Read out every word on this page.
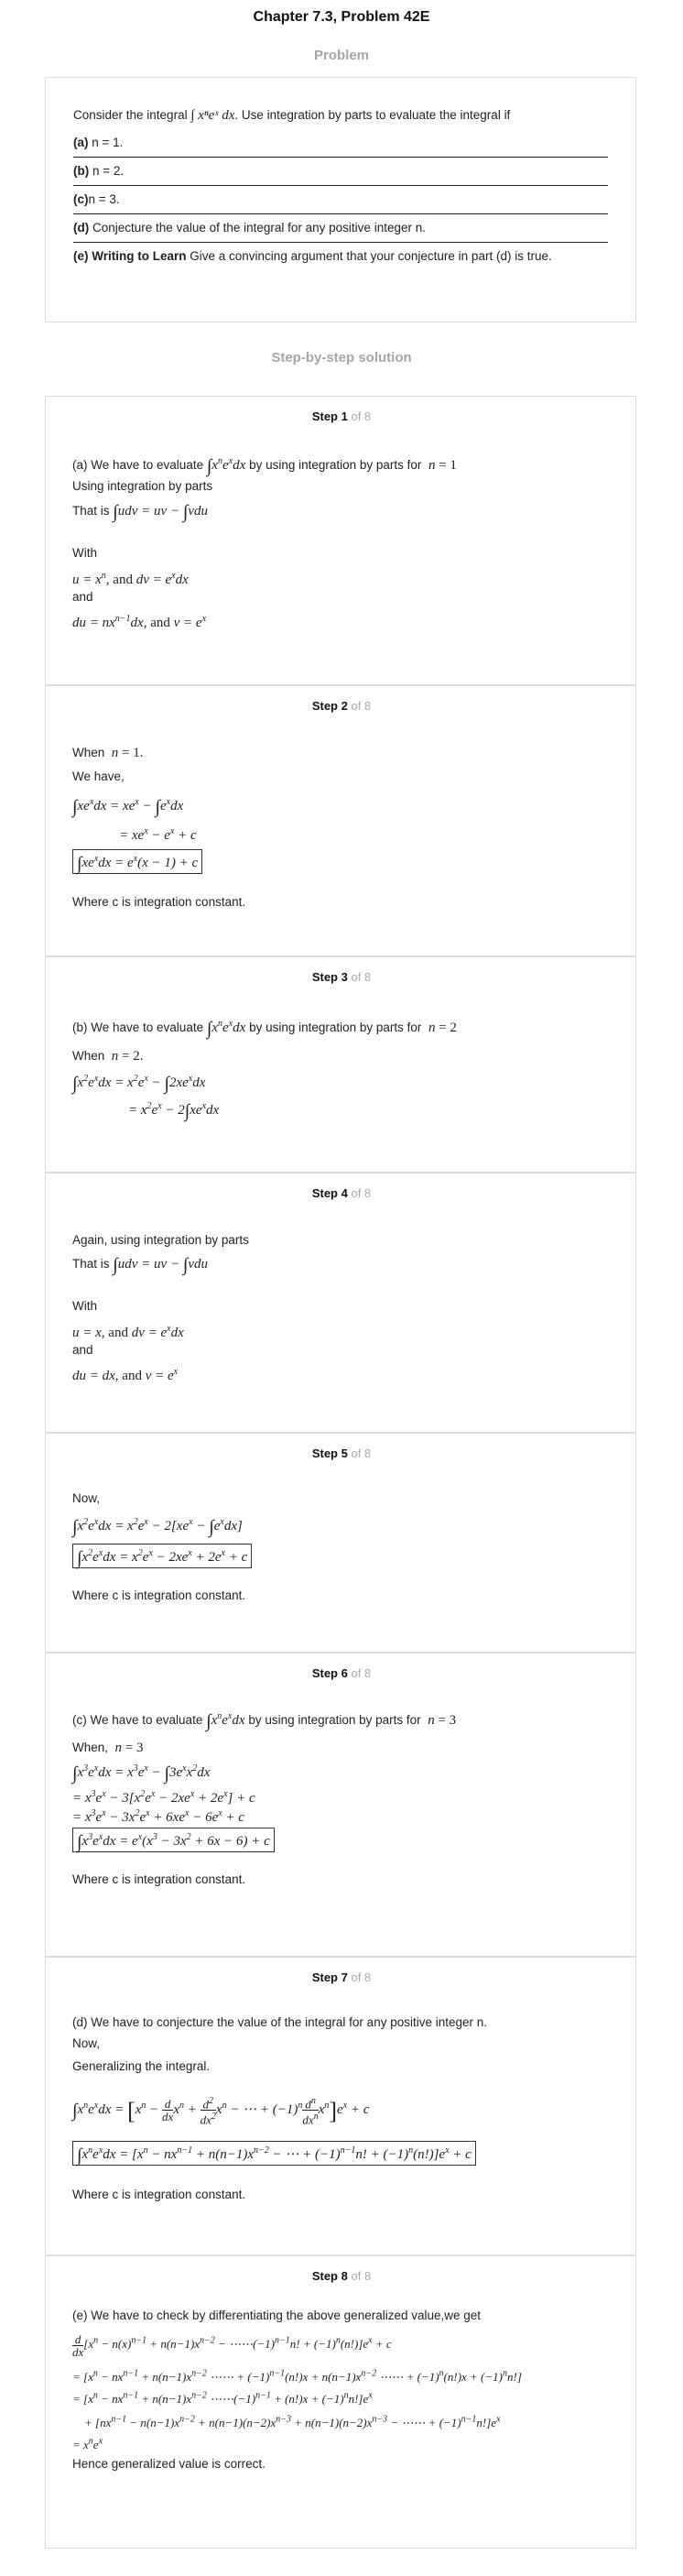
Chapter 7.3, Problem 42E
Problem
Consider the integral ∫ xⁿeˣ dx. Use integration by parts to evaluate the integral if
(a) n = 1.
(b) n = 2.
(c)n = 3.
(d) Conjecture the value of the integral for any positive integer n.
(e) Writing to Learn Give a convincing argument that your conjecture in part (d) is true.
Step-by-step solution
Step 1 of 8
(a) We have to evaluate $\int x^ne^xdx$ by using integration by parts for n = 1
Using integration by parts
That is ∫udv = uv − ∫vdu
With
$u = x^n$, and dv = $e^xdx$
and
du = $nx^{n-1}dx$, and $v = e^x$
Step 2 of 8
When n = 1.
We have,
$\int xe^xdx = xe^x - \int e^xdx$
= $xe^x - e^x + c$
$\int xe^xdx = e^x(x - 1) + c$
Where c is integration constant.
Step 3 of 8
(b) We have to evaluate $\int x^ne^xdx$ by using integration by parts for n = 2
When n = 2.
$\int x^2e^xdx = x^2e^x - \int 2xe^xdx$
= $x^2e^x - 2\int xe^xdx$
Step 4 of 8
Again, using integration by parts
That is ∫udv = uv − ∫vdu
With
u = x, and dv = $e^xdx$
and
du = dx, and $v = e^x$
Step 5 of 8
Now,
$\int x^2e^xdx = x^2e^x - 2[xe^x - \int e^xdx]$
$\int x^2e^xdx = x^2e^x - 2xe^x + 2e^x + c$
Where c is integration constant.
Step 6 of 8
(c) We have to evaluate $\int x^ne^xdx$ by using integration by parts for n = 3
When, n = 3
$\int x^3e^xdx = x^3e^x - \int 3e^xx^2dx$
= $x^3e^x - 3[x^2e^x - 2xe^x + 2e^x] + c$
= $x^3e^x - 3x^2e^x + 6xe^x - 6e^x + c$
$\int x^3e^xdx = e^x(x^3 - 3x^2 + 6x - 6) + c$
Where c is integration constant.
Step 7 of 8
(d) We have to conjecture the value of the integral for any positive integer n.
Now,
Generalizing the integral.
$\int x^ne^xdx = [x^n - \frac{d}{dx} x^n + \frac{d^2}{dx^2} x^n$ − ⋯ + $(-1)^n \frac{d^n}{dx^n} x^n]e^x + c$
$\int x^ne^xdx = [x^n - nx^{n-1} + n(n-1)x^{n-2}$ − ⋯ + $(-1)^{n-1}n$! + $(-1)^n(n!)]e^x + c$
Where c is integration constant.
Step 8 of 8
(e) We have to check by differentiating the above generalized value,we get
$\frac{d}{dx} [x^n - n(x)^{n-1} + n(n-1)x^{n-2}$ − $\cdots\cdots(-1)^{n-1}n$! + $(-1)^n(n!)]e^x + c$
= [$x^n - nx^{n-1} + n(n-1)x^{n-2}$ ⋯⋯ + $(-1)^{n-1}(n!)x + n(n-1)x^{n-2}$ ⋯⋯ + $(-1)^n(n!)x + (-1)^nn$!]
= [$x^n - nx^{n-1} + n(n-1)x^{n-2}$ $\cdots\cdots(-1)^{n-1} + (n!)x + (-1)^nn!]e^x$
+ [$nx^{n-1} - n(n-1)x^{n-2} + n(n-1)(n-2)x^{n-3} + n(n-1)(n-2)x^{n-3}$ − ⋯⋯ + $(-1)^{n-1}n!]e^x$
= $x^ne^x$
Hence generalized value is correct.
